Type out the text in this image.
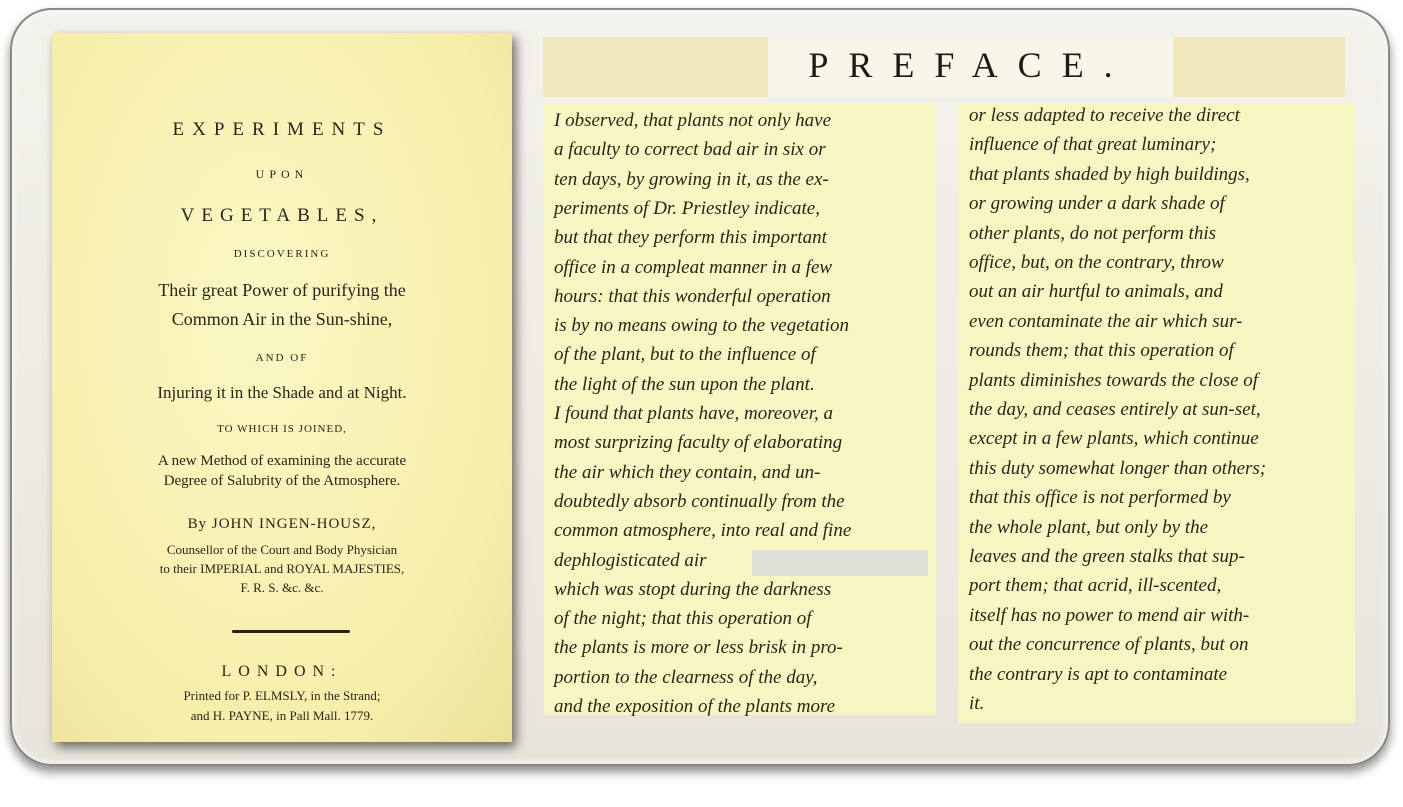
EXPERIMENTS
UPON
VEGETABLES,
DISCOVERING
Their great Power of purifying the
Common Air in the Sun-shine,
AND OF
Injuring it in the Shade and at Night.
TO WHICH IS JOINED,
A new Method of examining the accurate
Degree of Salubrity of the Atmosphere.
By JOHN INGEN-HOUSZ,
Counsellor of the Court and Body Physician
to their IMPERIAL and ROYAL MAJESTIES,
F. R. S. &c. &c.
LONDON:
Printed for P. ELMSLY, in the Strand;
and H. PAYNE, in Pall Mall. 1779.
PREFACE.
I observed, that plants not only have
a faculty to correct bad air in six or
ten days, by growing in it, as the ex-
periments of Dr. Priestley indicate,
but that they perform this important
office in a compleat manner in a few
hours: that this wonderful operation
is by no means owing to the vegetation
of the plant, but to the influence of
the light of the sun upon the plant.
I found that plants have, moreover, a
most surprizing faculty of elaborating
the air which they contain, and un-
doubtedly absorb continually from the
common atmosphere, into real and fine
dephlogisticated air
which was stopt during the darkness
of the night; that this operation of
the plants is more or less brisk in pro-
portion to the clearness of the day,
and the exposition of the plants more
or less adapted to receive the direct
influence of that great luminary;
that plants shaded by high buildings,
or growing under a dark shade of
other plants, do not perform this
office, but, on the contrary, throw
out an air hurtful to animals, and
even contaminate the air which sur-
rounds them; that this operation of
plants diminishes towards the close of
the day, and ceases entirely at sun-set,
except in a few plants, which continue
this duty somewhat longer than others;
that this office is not performed by
the whole plant, but only by the
leaves and the green stalks that sup-
port them; that acrid, ill-scented,
itself has no power to mend air with-
out the concurrence of plants, but on
the contrary is apt to contaminate
it.
